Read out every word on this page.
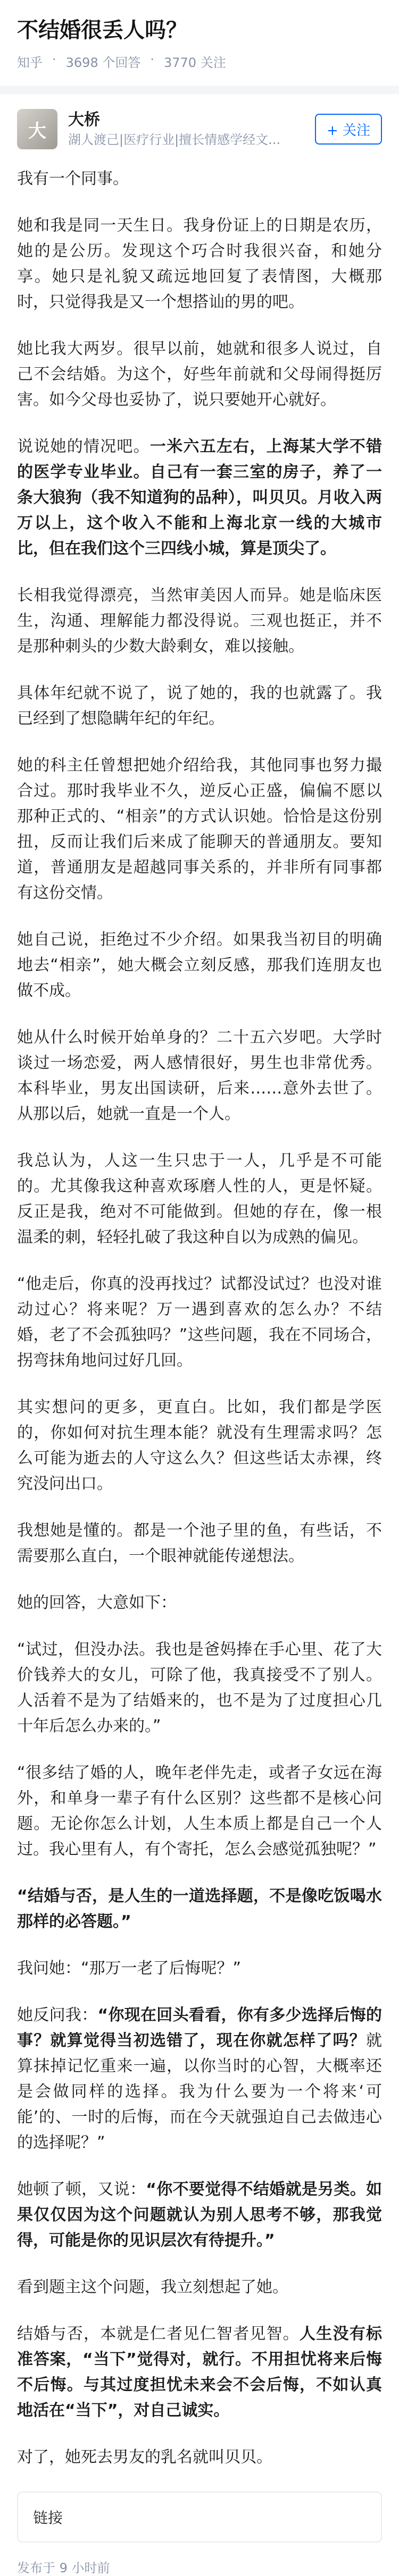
不结婚很丢人吗？
知乎 · 3698 个回答 · 3770 关注
大
大桥
湖人渡己|医疗行业|擅长情感学经文...
+ 关注

我有一个同事。

她和我是同一天生日。我身份证上的日期是农历，她的是公历。发现这个巧合时我很兴奋，和她分享。她只是礼貌又疏远地回复了表情图，大概那时，只觉得我是又一个想搭讪的男的吧。

她比我大两岁。很早以前，她就和很多人说过，自己不会结婚。为这个，好些年前就和父母闹得挺厉害。如今父母也妥协了，说只要她开心就好。

说说她的情况吧。一米六五左右，上海某大学不错的医学专业毕业。自己有一套三室的房子，养了一条大狼狗（我不知道狗的品种），叫贝贝。月收入两万以上，这个收入不能和上海北京一线的大城市比，但在我们这个三四线小城，算是顶尖了。

长相我觉得漂亮，当然审美因人而异。她是临床医生，沟通、理解能力都没得说。三观也挺正，并不是那种刺头的少数大龄剩女，难以接触。

具体年纪就不说了，说了她的，我的也就露了。我已经到了想隐瞒年纪的年纪。

她的科主任曾想把她介绍给我，其他同事也努力撮合过。那时我毕业不久，逆反心正盛，偏偏不愿以那种正式的、“相亲”的方式认识她。恰恰是这份别扭，反而让我们后来成了能聊天的普通朋友。要知道，普通朋友是超越同事关系的，并非所有同事都有这份交情。

她自己说，拒绝过不少介绍。如果我当初目的明确地去“相亲”，她大概会立刻反感，那我们连朋友也做不成。

她从什么时候开始单身的？二十五六岁吧。大学时谈过一场恋爱，两人感情很好，男生也非常优秀。本科毕业，男友出国读研，后来……意外去世了。从那以后，她就一直是一个人。

我总认为，人这一生只忠于一人，几乎是不可能的。尤其像我这种喜欢琢磨人性的人，更是怀疑。反正是我，绝对不可能做到。但她的存在，像一根温柔的刺，轻轻扎破了我这种自以为成熟的偏见。

“他走后，你真的没再找过？试都没试过？也没对谁动过心？将来呢？万一遇到喜欢的怎么办？不结婚，老了不会孤独吗？”这些问题，我在不同场合，拐弯抹角地问过好几回。

其实想问的更多，更直白。比如，我们都是学医的，你如何对抗生理本能？就没有生理需求吗？怎么可能为逝去的人守这么久？但这些话太赤裸，终究没问出口。

我想她是懂的。都是一个池子里的鱼，有些话，不需要那么直白，一个眼神就能传递想法。

她的回答，大意如下：

“试过，但没办法。我也是爸妈捧在手心里、花了大价钱养大的女儿，可除了他，我真接受不了别人。人活着不是为了结婚来的，也不是为了过度担心几十年后怎么办来的。”

“很多结了婚的人，晚年老伴先走，或者子女远在海外，和单身一辈子有什么区别？这些都不是核心问题。无论你怎么计划，人生本质上都是自己一个人过。我心里有人，有个寄托，怎么会感觉孤独呢？”

“结婚与否，是人生的一道选择题，不是像吃饭喝水那样的必答题。”

我问她：“那万一老了后悔呢？”

她反问我：“你现在回头看看，你有多少选择后悔的事？就算觉得当初选错了，现在你就怎样了吗？就算抹掉记忆重来一遍，以你当时的心智，大概率还是会做同样的选择。我为什么要为一个将来‘可能’的、一时的后悔，而在今天就强迫自己去做违心的选择呢？”

她顿了顿，又说：“你不要觉得不结婚就是另类。如果仅仅因为这个问题就认为别人思考不够，那我觉得，可能是你的见识层次有待提升。”

看到题主这个问题，我立刻想起了她。

结婚与否，本就是仁者见仁智者见智。人生没有标准答案，“当下”觉得对，就行。不用担忧将来后悔不后悔。与其过度担忧未来会不会后悔，不如认真地活在“当下”，对自己诚实。

对了，她死去男友的乳名就叫贝贝。

链接
发布于 9 小时前
